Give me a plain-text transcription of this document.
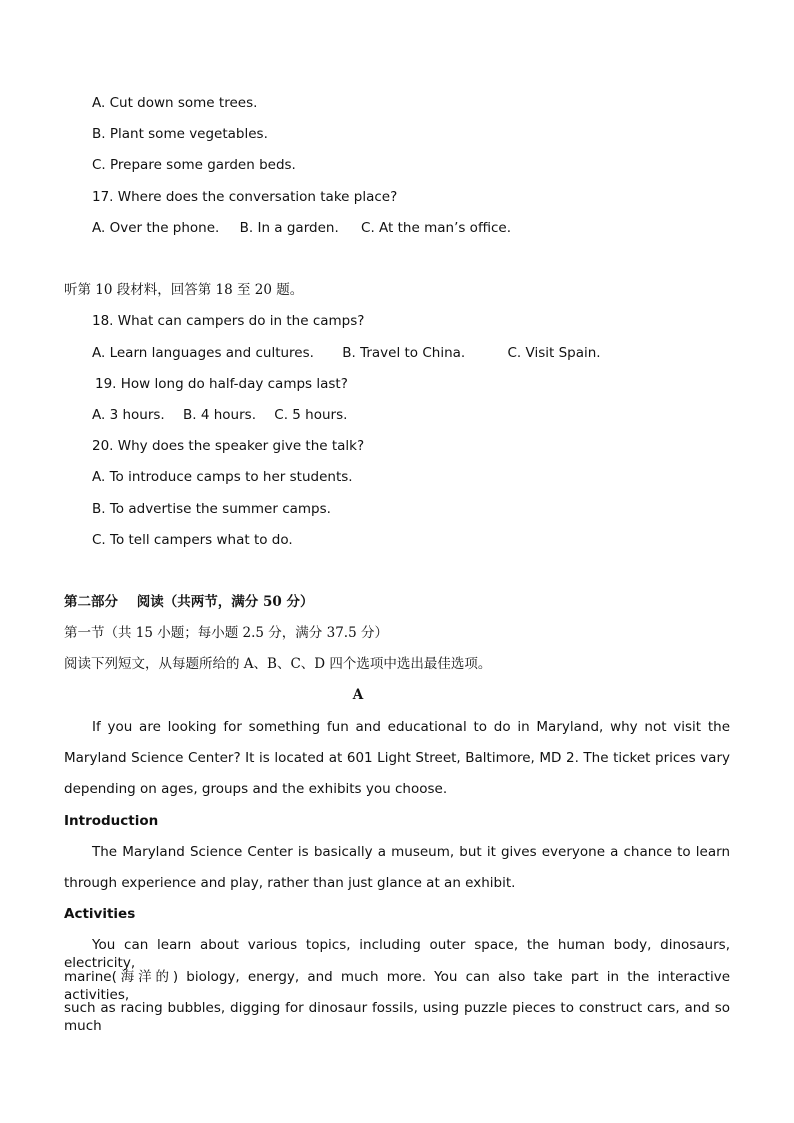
A. Cut down some trees.
B. Plant some vegetables.
C. Prepare some garden beds.
17. Where does the conversation take place?
A. Over the phone. B. In a garden. C. At the man’s office.
听第 10 段材料，回答第 18 至 20 题。
18. What can campers do in the camps?
A. Learn languages and cultures. B. Travel to China.	C. Visit Spain.
19. How long do half-day camps last?
A. 3 hours. B. 4 hours. C. 5 hours.
20. Why does the speaker give the talk?
A. To introduce camps to her students.
B. To advertise the summer camps.
C. To tell campers what to do.
第二部分    阅读（共两节，满分 50 分）
第一节（共 15 小题；每小题 2.5 分，满分 37.5 分）
阅读下列短文，从每题所给的 A、B、C、D 四个选项中选出最佳选项。
A
If you are looking for something fun and educational to do in Maryland, why not visit the
Maryland Science Center? It is located at 601 Light Street, Baltimore, MD 2. The ticket prices vary
depending on ages, groups and the exhibits you choose.
Introduction
The Maryland Science Center is basically a museum, but it gives everyone a chance to learn
through experience and play, rather than just glance at an exhibit.
Activities
You can learn about various topics, including outer space, the human body, dinosaurs, electricity,
marine(海洋的) biology, energy, and much more. You can also take part in the interactive activities,
such as racing bubbles, digging for dinosaur fossils, using puzzle pieces to construct cars, and so much
